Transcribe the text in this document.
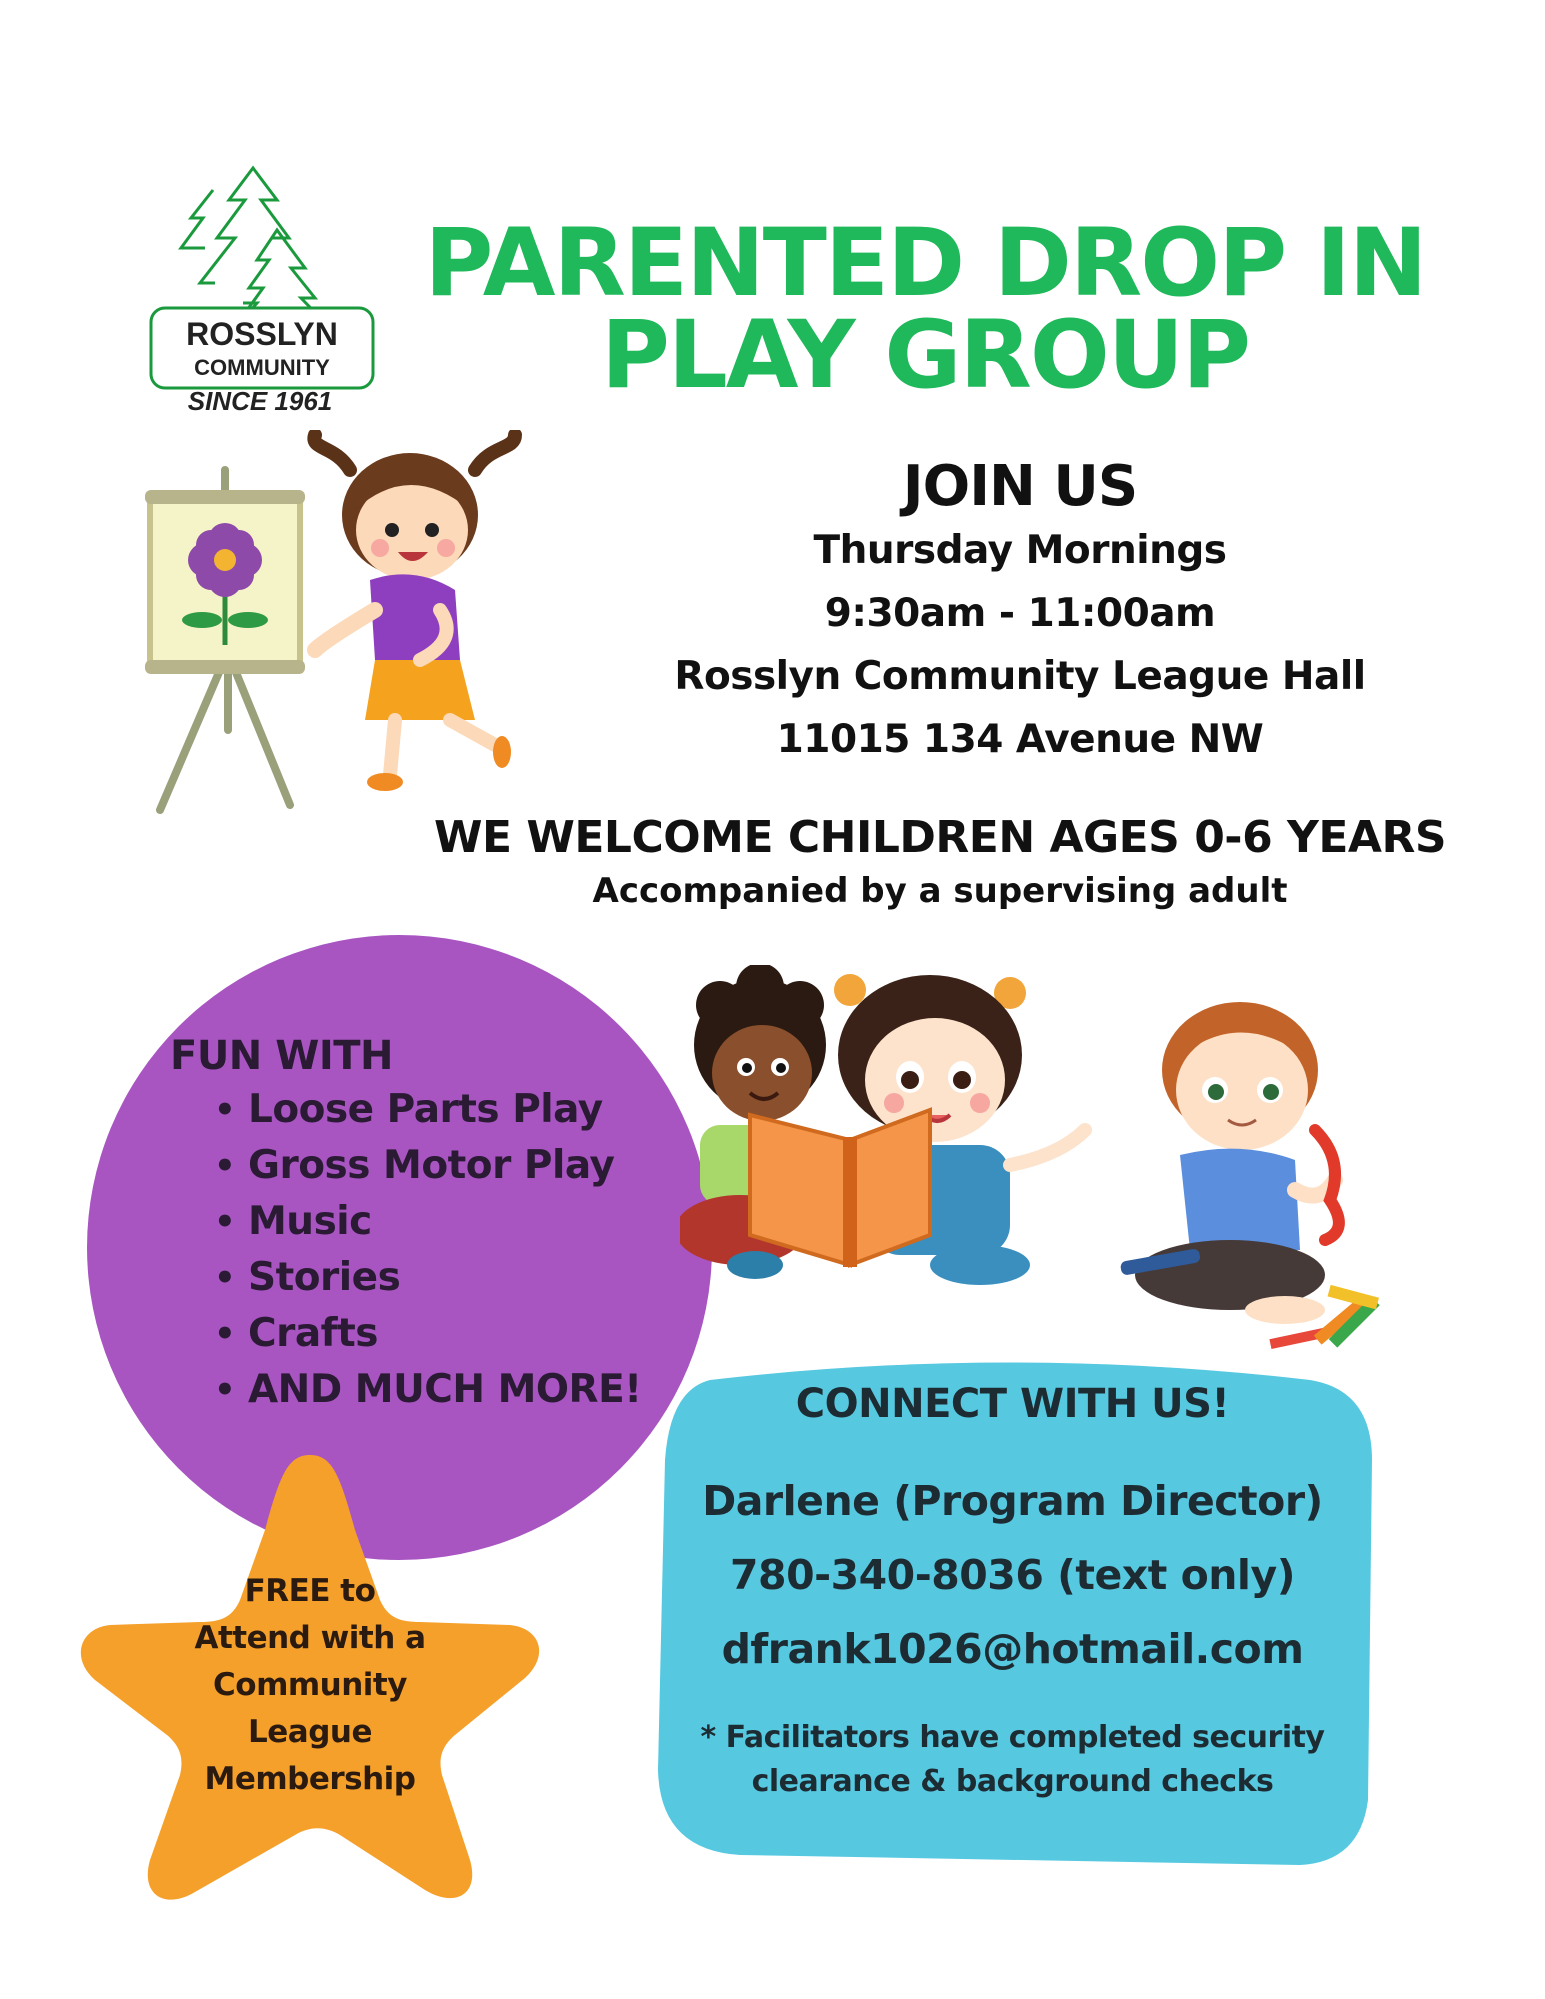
ROSSLYN
COMMUNITY
SINCE 1961
PARENTED DROP IN
PLAY GROUP
JOIN US
Thursday Mornings
9:30am - 11:00am
Rosslyn Community League Hall
11015 134 Avenue NW
WE WELCOME CHILDREN AGES 0-6 YEARS
Accompanied by a supervising adult
FUN WITH
• Loose Parts Play
• Gross Motor Play
• Music
• Stories
• Crafts
• AND MUCH MORE!	CONNECT WITH US!
Darlene (Program Director)
780-340-8036 (text only)
dfrank1026@hotmail.com
* Facilitators have completed security
clearance & background checks
FREE to
Attend with a
Community
League
Membership
